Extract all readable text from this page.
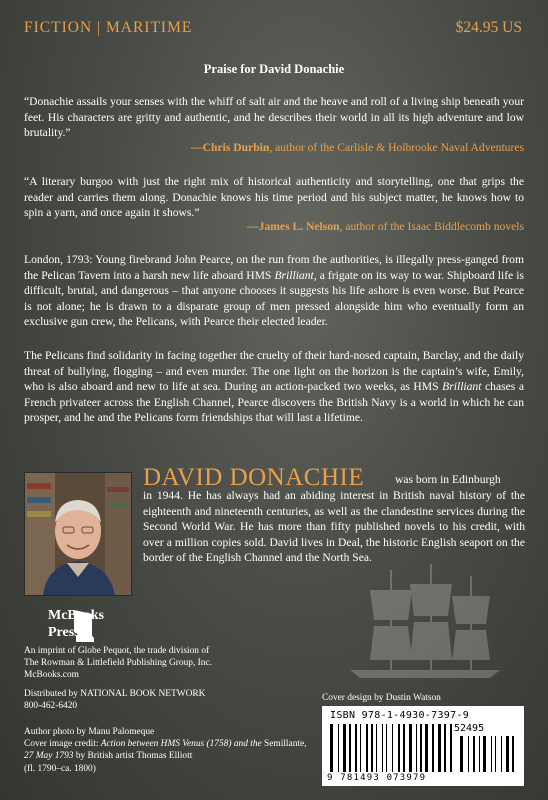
FICTION | MARITIME	$24.95 US
Praise for David Donachie
“Donachie assails your senses with the whiff of salt air and the heave and roll of a living ship beneath your feet. His characters are gritty and authentic, and he describes their world in all its high adventure and low brutality.”
—Chris Durbin, author of the Carlisle & Holbrooke Naval Adventures
“A literary burgoo with just the right mix of historical authenticity and storytelling, one that grips the reader and carries them along. Donachie knows his time period and his subject matter, he knows how to spin a yarn, and once again it shows.”
—James L. Nelson, author of the Isaac Biddlecomb novels
London, 1793: Young firebrand John Pearce, on the run from the authorities, is illegally press-ganged from the Pelican Tavern into a harsh new life aboard HMS Brilliant, a frigate on its way to war. Shipboard life is difficult, brutal, and dangerous – that anyone chooses it suggests his life ashore is even worse. But Pearce is not alone; he is drawn to a disparate group of men pressed alongside him who eventually form an exclusive gun crew, the Pelicans, with Pearce their elected leader.
The Pelicans find solidarity in facing together the cruelty of their hard-nosed captain, Barclay, and the daily threat of bullying, flogging – and even murder. The one light on the horizon is the captain’s wife, Emily, who is also aboard and new to life at sea. During an action-packed two weeks, as HMS Brilliant chases a French privateer across the English Channel, Pearce discovers the British Navy is a world in which he can prosper, and he and the Pelicans form friendships that will last a lifetime.
DAVID DONACHIE	was born in Edinburgh
in 1944. He has always had an abiding interest in British naval history of the eighteenth and nineteenth centuries, as well as the clandestine services during the Second World War. He has more than fifty published novels to his credit, with over a million copies sold. David lives in Deal, the historic English seaport on the border of the English Channel and the North Sea.
McBooks
Press
An imprint of Globe Pequot, the trade division of
The Rowman & Littlefield Publishing Group, Inc.
McBooks.com
Distributed by NATIONAL BOOK NETWORK
800-462-6420
Author photo by Manu Palomeque
Cover image credit: Action between HMS Venus (1758) and the Semillante, 27 May 1793 by British artist Thomas Elliott
(fl. 1790–ca. 1800)
Cover design by Dustin Watson
ISBN 978-1-4930-7397-9
52495
9 781493 073979
